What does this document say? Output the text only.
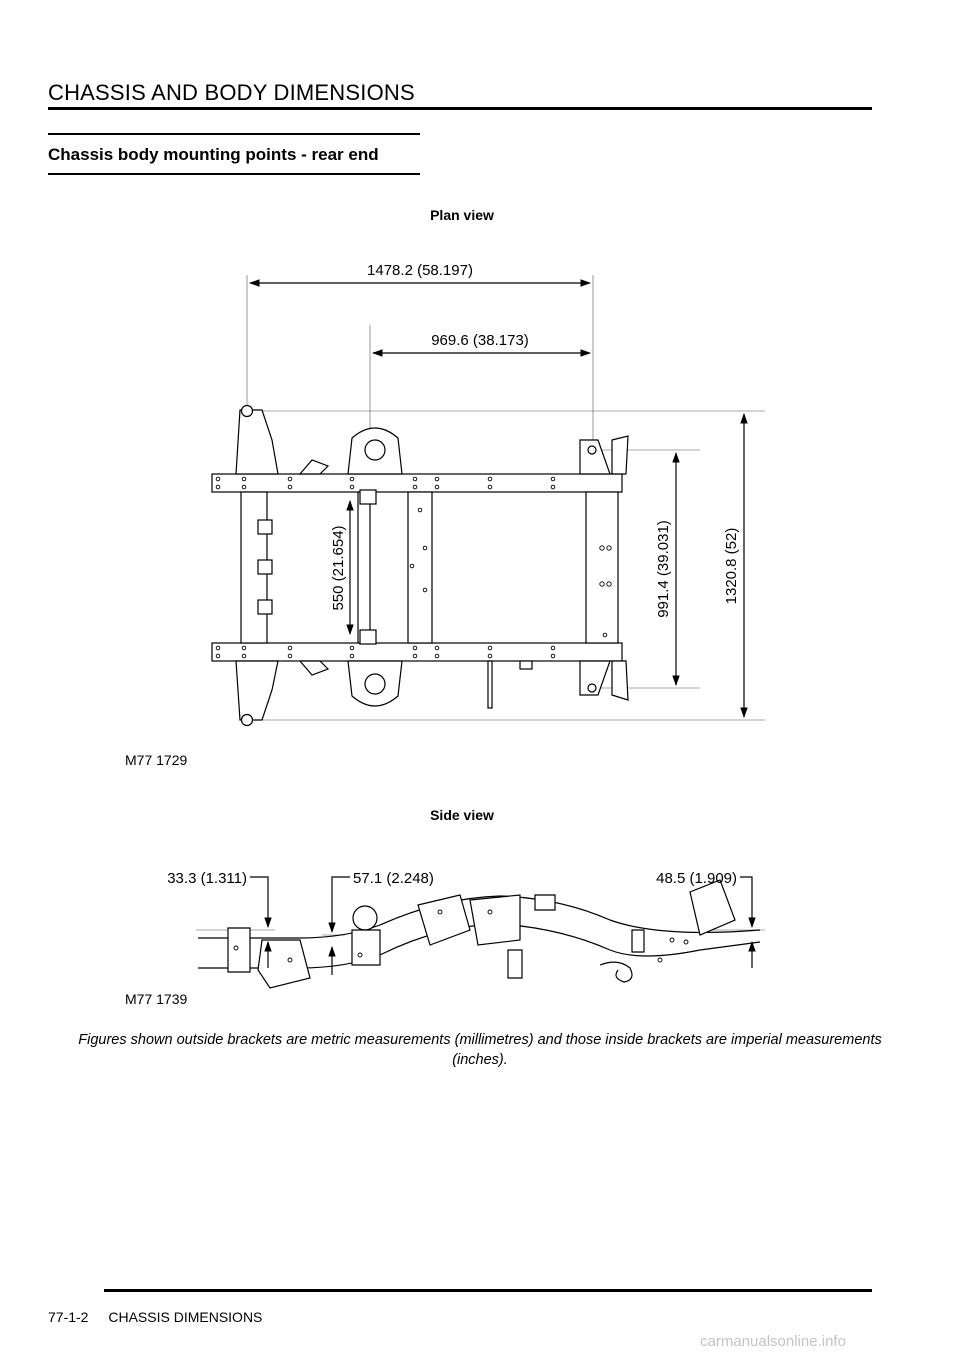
CHASSIS AND BODY DIMENSIONS
Chassis body mounting points - rear end
Plan view
1478.2 (58.197)
969.6 (38.173)
550 (21.654)	991.4 (39.031)	1320.8 (52)
33.3 (1.311)	57.1 (2.248)	48.5 (1.909)
M77 1729
Side view
M77 1739
Figures shown outside brackets are metric measurements (millimetres) and those inside brackets are imperial measurements (inches).
77-1-2 CHASSIS DIMENSIONS
carmanualsonline.info
